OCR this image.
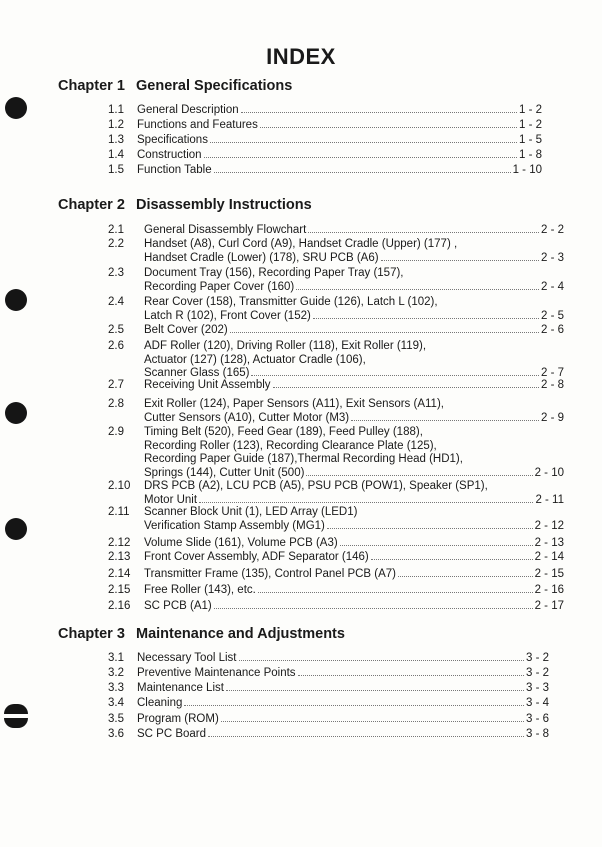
INDEX
Chapter 1 General Specifications
1.1 General Description	1 - 2
1.2 Functions and Features	1 - 2
1.3 Specifications	1 - 5
1.4 Construction	1 - 8
1.5 Function Table	1 - 10
Chapter 2 Disassembly Instructions
2.1 General Disassembly Flowchart	2 - 2
2.2 Handset (A8), Curl Cord (A9), Handset Cradle (Upper) (177) ,
Handset Cradle (Lower) (178), SRU PCB (A6)	2 - 3
2.3 Document Tray (156), Recording Paper Tray (157),
Recording Paper Cover (160)	2 - 4
2.4 Rear Cover (158), Transmitter Guide (126), Latch L (102),
Latch R (102), Front Cover (152)	2 - 5
2.5 Belt Cover (202)	2 - 6
2.6 ADF Roller (120), Driving Roller (118), Exit Roller (119),
Actuator (127) (128), Actuator Cradle (106),
Scanner Glass (165)	2 - 7
2.7 Receiving Unit Assembly	2 - 8
2.8 Exit Roller (124), Paper Sensors (A11), Exit Sensors (A11),
Cutter Sensors (A10), Cutter Motor (M3)	2 - 9
2.9 Timing Belt (520), Feed Gear (189), Feed Pulley (188),
Recording Roller (123), Recording Clearance Plate (125),
Recording Paper Guide (187),Thermal Recording Head (HD1),
Springs (144), Cutter Unit (500)	2 - 10
2.10 DRS PCB (A2), LCU PCB (A5), PSU PCB (POW1), Speaker (SP1),
Motor Unit	2 - 11
2.11 Scanner Block Unit (1), LED Array (LED1)
Verification Stamp Assembly (MG1)	2 - 12
2.12 Volume Slide (161), Volume PCB (A3)	2 - 13
2.13 Front Cover Assembly, ADF Separator (146)	2 - 14
2.14 Transmitter Frame (135), Control Panel PCB (A7)	2 - 15
2.15 Free Roller (143), etc.	2 - 16
2.16 SC PCB (A1)	2 - 17
Chapter 3 Maintenance and Adjustments
3.1 Necessary Tool List	3 - 2
3.2 Preventive Maintenance Points	3 - 2
3.3 Maintenance List	3 - 3
3.4 Cleaning	3 - 4
3.5 Program (ROM)	3 - 6
3.6 SC PC Board	3 - 8
